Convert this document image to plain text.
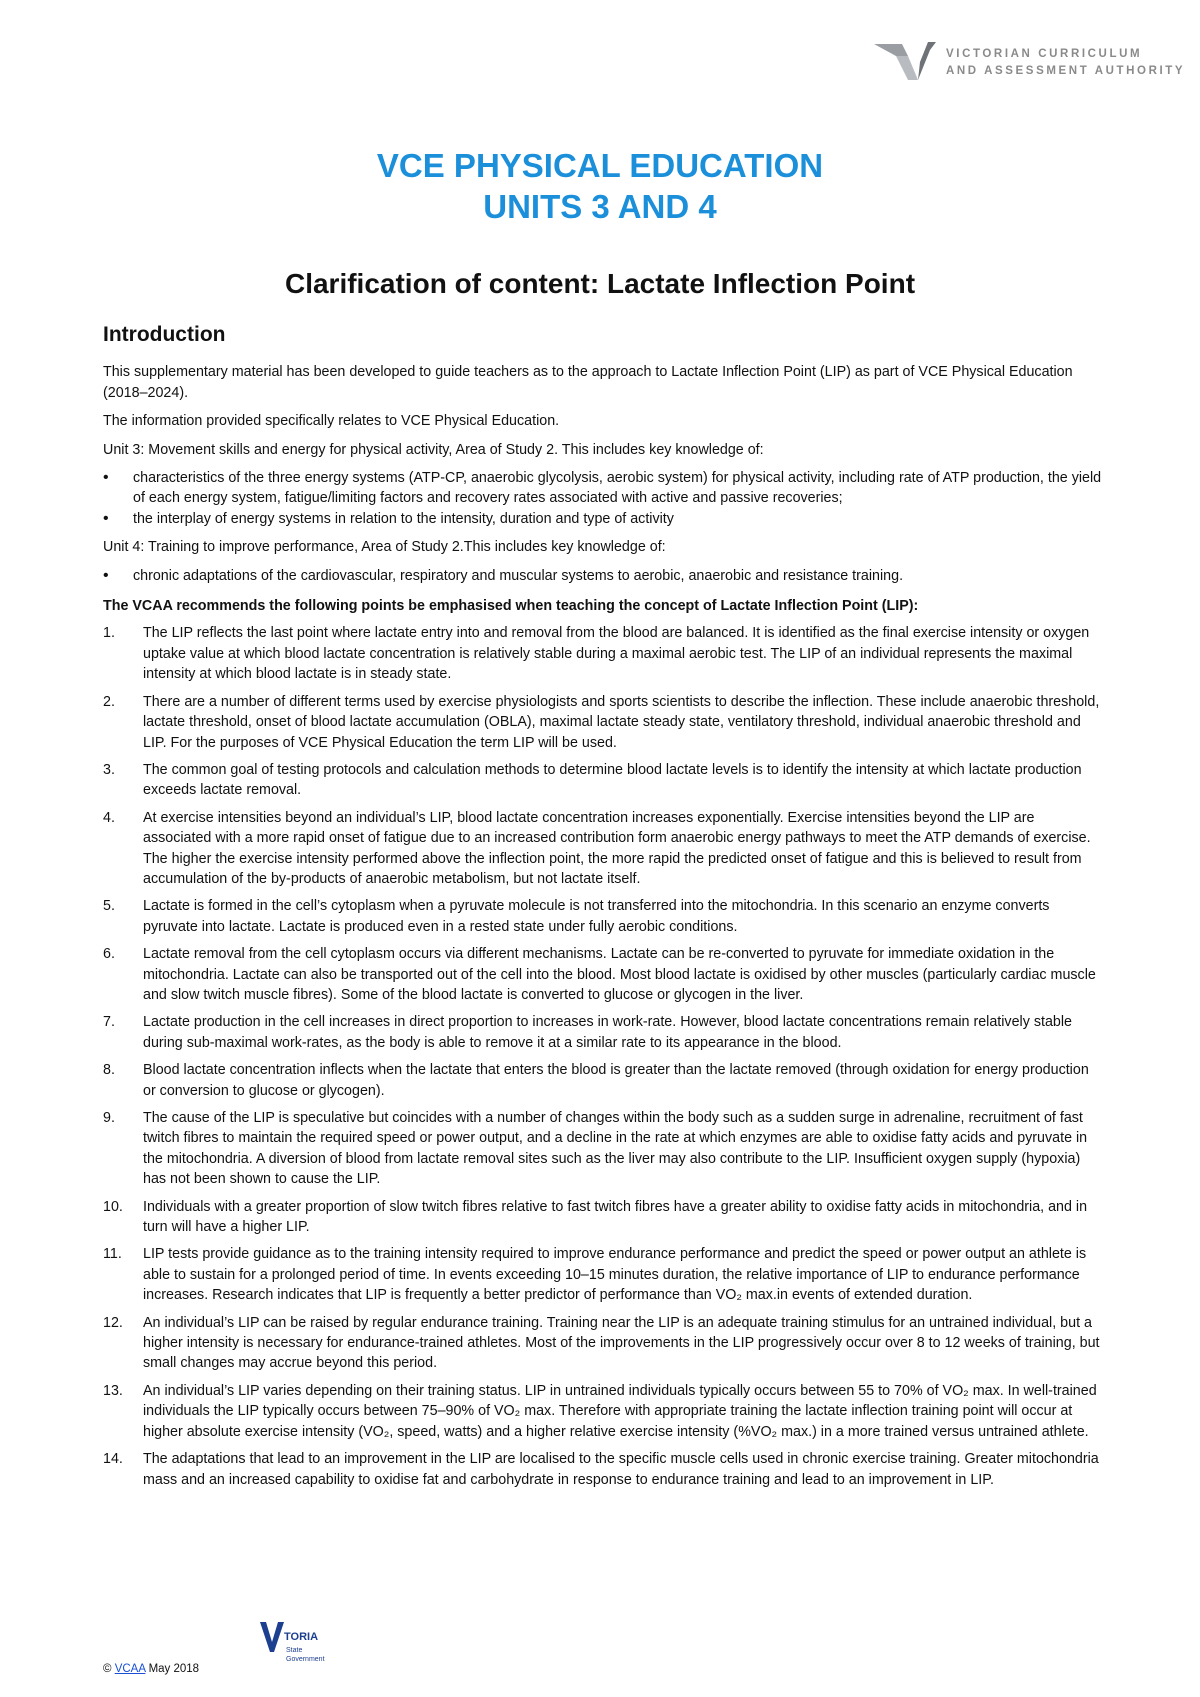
VICTORIAN CURRICULUM
AND ASSESSMENT AUTHORITY
VCE PHYSICAL EDUCATION
UNITS 3 AND 4
Clarification of content: Lactate Inflection Point
Introduction

This supplementary material has been developed to guide teachers as to the approach to Lactate Inflection Point (LIP) as part of VCE Physical Education (2018–2024).

The information provided specifically relates to VCE Physical Education.

Unit 3: Movement skills and energy for physical activity, Area of Study 2. This includes key knowledge of:

• characteristics of the three energy systems (ATP-CP, anaerobic glycolysis, aerobic system) for physical activity, including rate of ATP production, the yield of each energy system, fatigue/limiting factors and recovery rates associated with active and passive recoveries;
• the interplay of energy systems in relation to the intensity, duration and type of activity

Unit 4: Training to improve performance, Area of Study 2.This includes key knowledge of:

• chronic adaptations of the cardiovascular, respiratory and muscular systems to aerobic, anaerobic and resistance training.

The VCAA recommends the following points be emphasised when teaching the concept of Lactate Inflection Point (LIP):

1. The LIP reflects the last point where lactate entry into and removal from the blood are balanced. It is identified as the final exercise intensity or oxygen uptake value at which blood lactate concentration is relatively stable during a maximal aerobic test. The LIP of an individual represents the maximal intensity at which blood lactate is in steady state.
2. There are a number of different terms used by exercise physiologists and sports scientists to describe the inflection. These include anaerobic threshold, lactate threshold, onset of blood lactate accumulation (OBLA), maximal lactate steady state, ventilatory threshold, individual anaerobic threshold and LIP. For the purposes of VCE Physical Education the term LIP will be used.
3. The common goal of testing protocols and calculation methods to determine blood lactate levels is to identify the intensity at which lactate production exceeds lactate removal.
4. At exercise intensities beyond an individual’s LIP, blood lactate concentration increases exponentially. Exercise intensities beyond the LIP are associated with a more rapid onset of fatigue due to an increased contribution form anaerobic energy pathways to meet the ATP demands of exercise. The higher the exercise intensity performed above the inflection point, the more rapid the predicted onset of fatigue and this is believed to result from accumulation of the by-products of anaerobic metabolism, but not lactate itself.
5. Lactate is formed in the cell’s cytoplasm when a pyruvate molecule is not transferred into the mitochondria. In this scenario an enzyme converts pyruvate into lactate. Lactate is produced even in a rested state under fully aerobic conditions.
6. Lactate removal from the cell cytoplasm occurs via different mechanisms. Lactate can be re-converted to pyruvate for immediate oxidation in the mitochondria. Lactate can also be transported out of the cell into the blood. Most blood lactate is oxidised by other muscles (particularly cardiac muscle and slow twitch muscle fibres). Some of the blood lactate is converted to glucose or glycogen in the liver.
7. Lactate production in the cell increases in direct proportion to increases in work-rate. However, blood lactate concentrations remain relatively stable during sub-maximal work-rates, as the body is able to remove it at a similar rate to its appearance in the blood.
8. Blood lactate concentration inflects when the lactate that enters the blood is greater than the lactate removed (through oxidation for energy production or conversion to glucose or glycogen).
9. The cause of the LIP is speculative but coincides with a number of changes within the body such as a sudden surge in adrenaline, recruitment of fast twitch fibres to maintain the required speed or power output, and a decline in the rate at which enzymes are able to oxidise fatty acids and pyruvate in the mitochondria. A diversion of blood from lactate removal sites such as the liver may also contribute to the LIP. Insufficient oxygen supply (hypoxia) has not been shown to cause the LIP.
10. Individuals with a greater proportion of slow twitch fibres relative to fast twitch fibres have a greater ability to oxidise fatty acids in mitochondria, and in turn will have a higher LIP.
11. LIP tests provide guidance as to the training intensity required to improve endurance performance and predict the speed or power output an athlete is able to sustain for a prolonged period of time. In events exceeding 10–15 minutes duration, the relative importance of LIP to endurance performance increases. Research indicates that LIP is frequently a better predictor of performance than VO₂ max.in events of extended duration.
12. An individual’s LIP can be raised by regular endurance training. Training near the LIP is an adequate training stimulus for an untrained individual, but a higher intensity is necessary for endurance-trained athletes. Most of the improvements in the LIP progressively occur over 8 to 12 weeks of training, but small changes may accrue beyond this period.
13. An individual’s LIP varies depending on their training status. LIP in untrained individuals typically occurs between 55 to 70% of VO₂ max. In well-trained individuals the LIP typically occurs between 75–90% of VO₂ max. Therefore with appropriate training the lactate inflection training point will occur at higher absolute exercise intensity (VO₂, speed, watts) and a higher relative exercise intensity (%VO₂ max.) in a more trained versus untrained athlete.
14. The adaptations that lead to an improvement in the LIP are localised to the specific muscle cells used in chronic exercise training. Greater mitochondria mass and an increased capability to oxidise fat and carbohydrate in response to endurance training and lead to an improvement in LIP.
© VCAA May 2018
TORIA
State
Government
